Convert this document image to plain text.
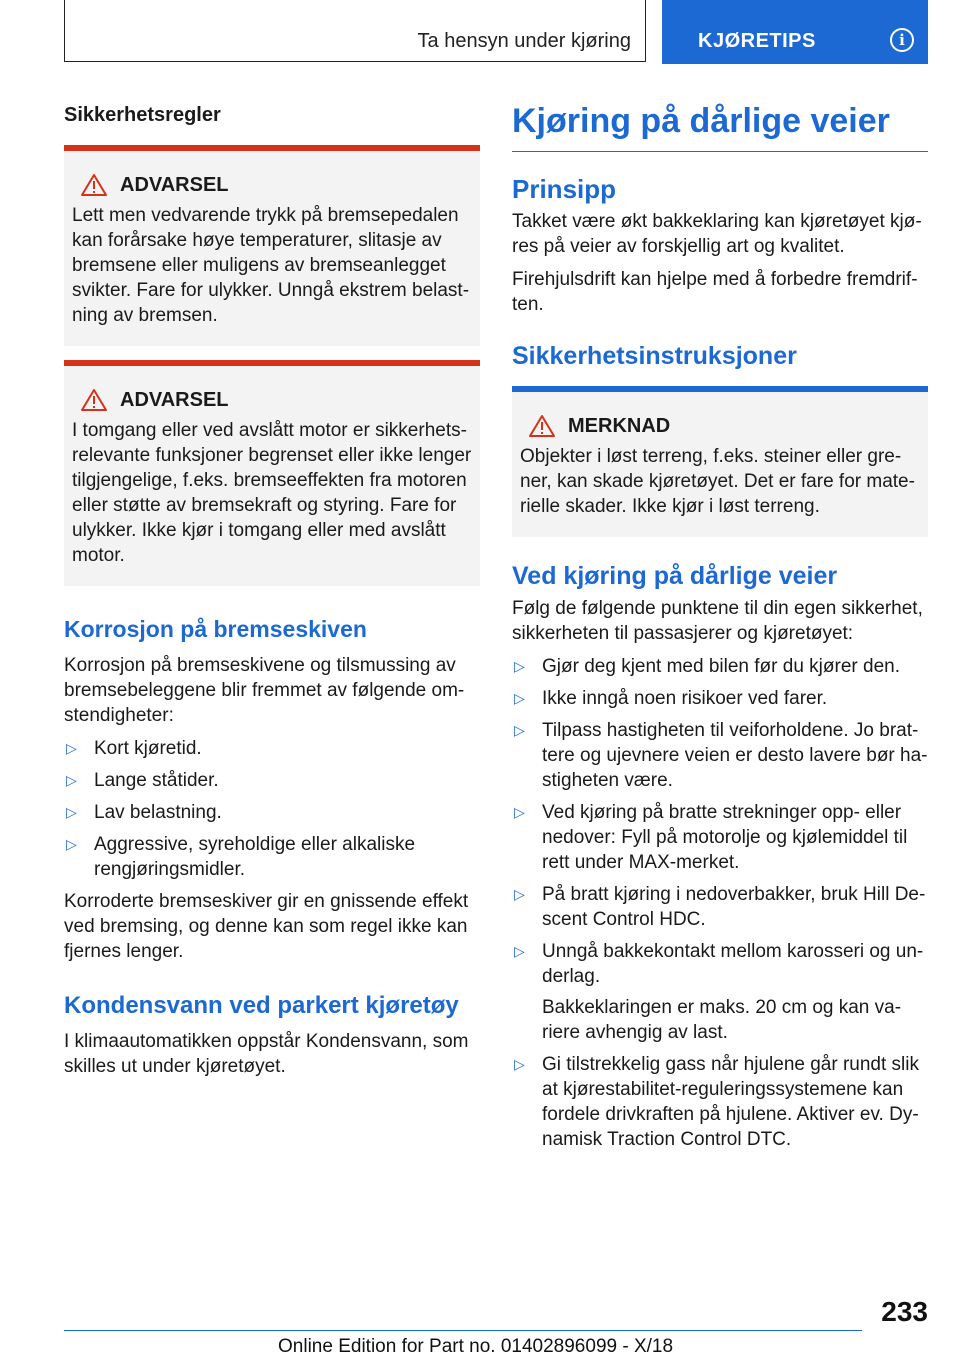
Ta hensyn under kjøring	KJØRETIPS	i
Sikkerhetsregler
ADVARSEL
Lett men vedvarende trykk på bremsepedalen kan forårsake høye temperaturer, slitasje av bremsene eller muligens av bremseanlegget svikter. Fare for ulykker. Unngå ekstrem belastning av bremsen.
ADVARSEL
I tomgang eller ved avslått motor er sikkerhetsrelevante funksjoner begrenset eller ikke lenger tilgjengelige, f.eks. bremseeffekten fra motoren eller støtte av bremsekraft og styring. Fare for ulykker. Ikke kjør i tomgang eller med avslått motor.
Korrosjon på bremseskiven

Korrosjon på bremseskivene og tilsmussing av bremsebeleggene blir fremmet av følgende omstendigheter:

▷ Kort kjøretid.
▷ Lange ståtider.
▷ Lav belastning.
▷ Aggressive, syreholdige eller alkaliske rengjøringsmidler.

Korroderte bremseskiver gir en gnissende effekt ved bremsing, og denne kan som regel ikke kan fjernes lenger.

Kondensvann ved parkert kjøretøy

I klimaautomatikken oppstår Kondensvann, som skilles ut under kjøretøyet.

Kjøring på dårlige veier
Prinsipp

Takket være økt bakkeklaring kan kjøretøyet kjøres på veier av forskjellig art og kvalitet.

Firehjulsdrift kan hjelpe med å forbedre fremdriften.

Sikkerhetsinstruksjoner
MERKNAD
Objekter i løst terreng, f.eks. steiner eller grener, kan skade kjøretøyet. Det er fare for materielle skader. Ikke kjør i løst terreng.
Ved kjøring på dårlige veier

Følg de følgende punktene til din egen sikkerhet, sikkerheten til passasjerer og kjøretøyet:

▷ Gjør deg kjent med bilen før du kjører den.
▷ Ikke inngå noen risikoer ved farer.
▷ Tilpass hastigheten til veiforholdene. Jo brattere og ujevnere veien er desto lavere bør hastigheten være.
▷ Ved kjøring på bratte strekninger opp- eller nedover: Fyll på motorolje og kjølemiddel til rett under MAX-merket.
▷ På bratt kjøring i nedoverbakker, bruk Hill Descent Control HDC.
▷ Unngå bakkekontakt mellom karosseri og underlag.
Bakkeklaringen er maks. 20 cm og kan variere avhengig av last.
▷ Gi tilstrekkelig gass når hjulene går rundt slik at kjørestabilitet-reguleringssystemene kan fordele drivkraften på hjulene. Aktiver ev. Dynamisk Traction Control DTC.
233
Online Edition for Part no. 01402896099 - X/18
